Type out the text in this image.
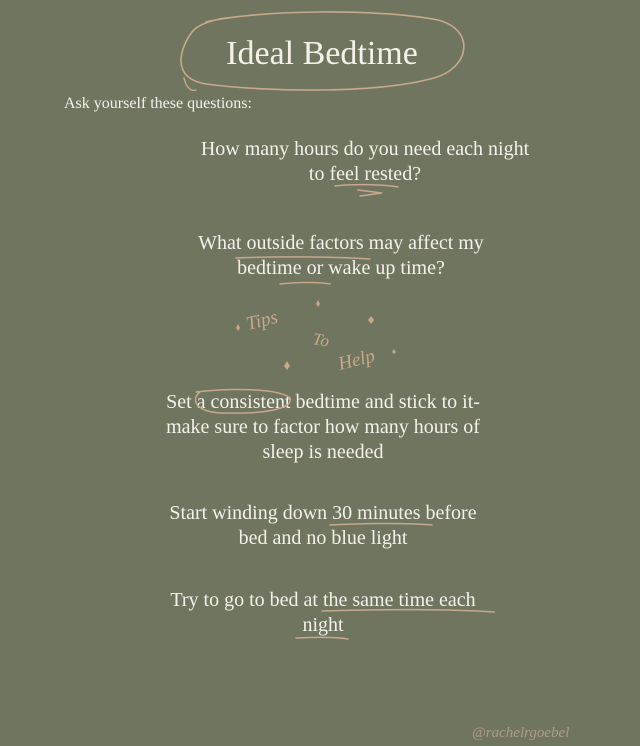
Ideal Bedtime
Ask yourself these questions:
How many hours do you need each night
to feel rested?
What outside factors may affect my
bedtime or wake up time?
Tips
To
Help
Set a consistent bedtime and stick to it-
make sure to factor how many hours of
sleep is needed
Start winding down 30 minutes before
bed and no blue light
Try to go to bed at the same time each
night
@rachelrgoebel
